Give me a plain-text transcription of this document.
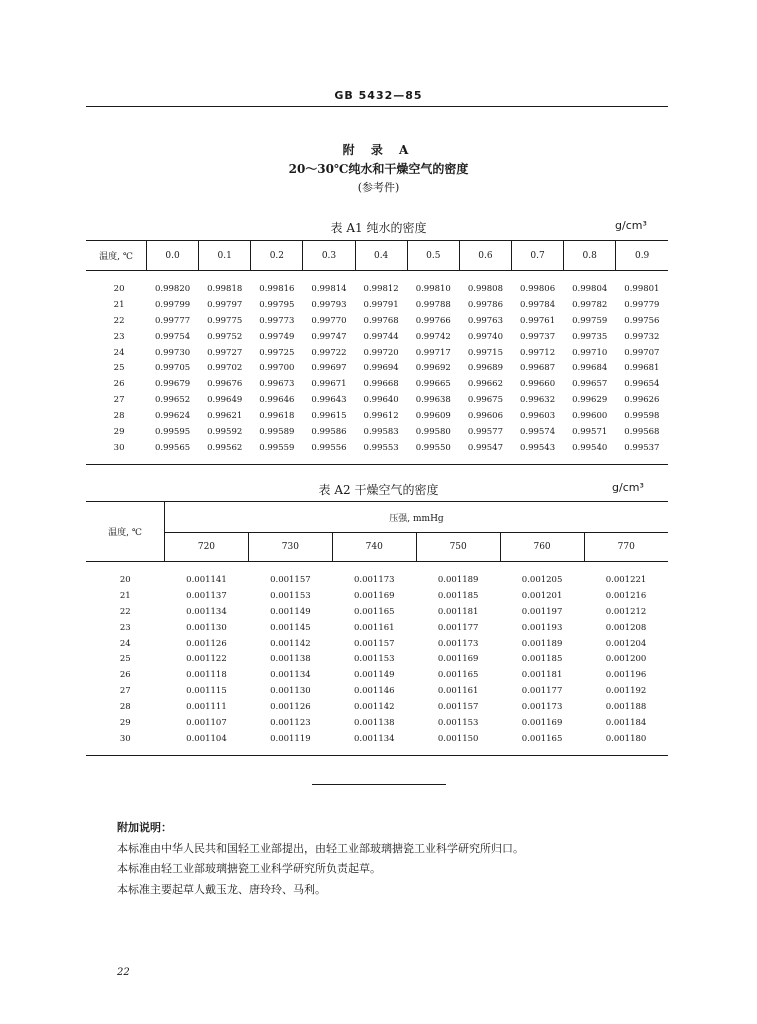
GB 5432—85
附 录 A
20～30℃纯水和干燥空气的密度
(参考件)
表 A1 纯水的密度	g/cm³
温度, ℃	0.0	0.1	0.2	0.3	0.4	0.5	0.6	0.7	0.8	0.9
20	0.99820	0.99818	0.99816	0.99814	0.99812	0.99810	0.99808	0.99806	0.99804	0.99801
21	0.99799	0.99797	0.99795	0.99793	0.99791	0.99788	0.99786	0.99784	0.99782	0.99779
22	0.99777	0.99775	0.99773	0.99770	0.99768	0.99766	0.99763	0.99761	0.99759	0.99756
23	0.99754	0.99752	0.99749	0.99747	0.99744	0.99742	0.99740	0.99737	0.99735	0.99732
24	0.99730	0.99727	0.99725	0.99722	0.99720	0.99717	0.99715	0.99712	0.99710	0.99707
25	0.99705	0.99702	0.99700	0.99697	0.99694	0.99692	0.99689	0.99687	0.99684	0.99681
26	0.99679	0.99676	0.99673	0.99671	0.99668	0.99665	0.99662	0.99660	0.99657	0.99654
27	0.99652	0.99649	0.99646	0.99643	0.99640	0.99638	0.99675	0.99632	0.99629	0.99626
28	0.99624	0.99621	0.99618	0.99615	0.99612	0.99609	0.99606	0.99603	0.99600	0.99598
29	0.99595	0.99592	0.99589	0.99586	0.99583	0.99580	0.99577	0.99574	0.99571	0.99568
30	0.99565	0.99562	0.99559	0.99556	0.99553	0.99550	0.99547	0.99543	0.99540	0.99537
表 A2 干燥空气的密度	g/cm³
温度, ℃	压强, mmHg					
	720	730	740	750	760	770
20	0.001141	0.001157	0.001173	0.001189	0.001205	0.001221
21	0.001137	0.001153	0.001169	0.001185	0.001201	0.001216
22	0.001134	0.001149	0.001165	0.001181	0.001197	0.001212
23	0.001130	0.001145	0.001161	0.001177	0.001193	0.001208
24	0.001126	0.001142	0.001157	0.001173	0.001189	0.001204
25	0.001122	0.001138	0.001153	0.001169	0.001185	0.001200
26	0.001118	0.001134	0.001149	0.001165	0.001181	0.001196
27	0.001115	0.001130	0.001146	0.001161	0.001177	0.001192
28	0.001111	0.001126	0.001142	0.001157	0.001173	0.001188
29	0.001107	0.001123	0.001138	0.001153	0.001169	0.001184
30	0.001104	0.001119	0.001134	0.001150	0.001165	0.001180
附加说明：
本标准由中华人民共和国轻工业部提出，由轻工业部玻璃搪瓷工业科学研究所归口。
本标准由轻工业部玻璃搪瓷工业科学研究所负责起草。
本标准主要起草人戴玉龙、唐玲玲、马利。
22
